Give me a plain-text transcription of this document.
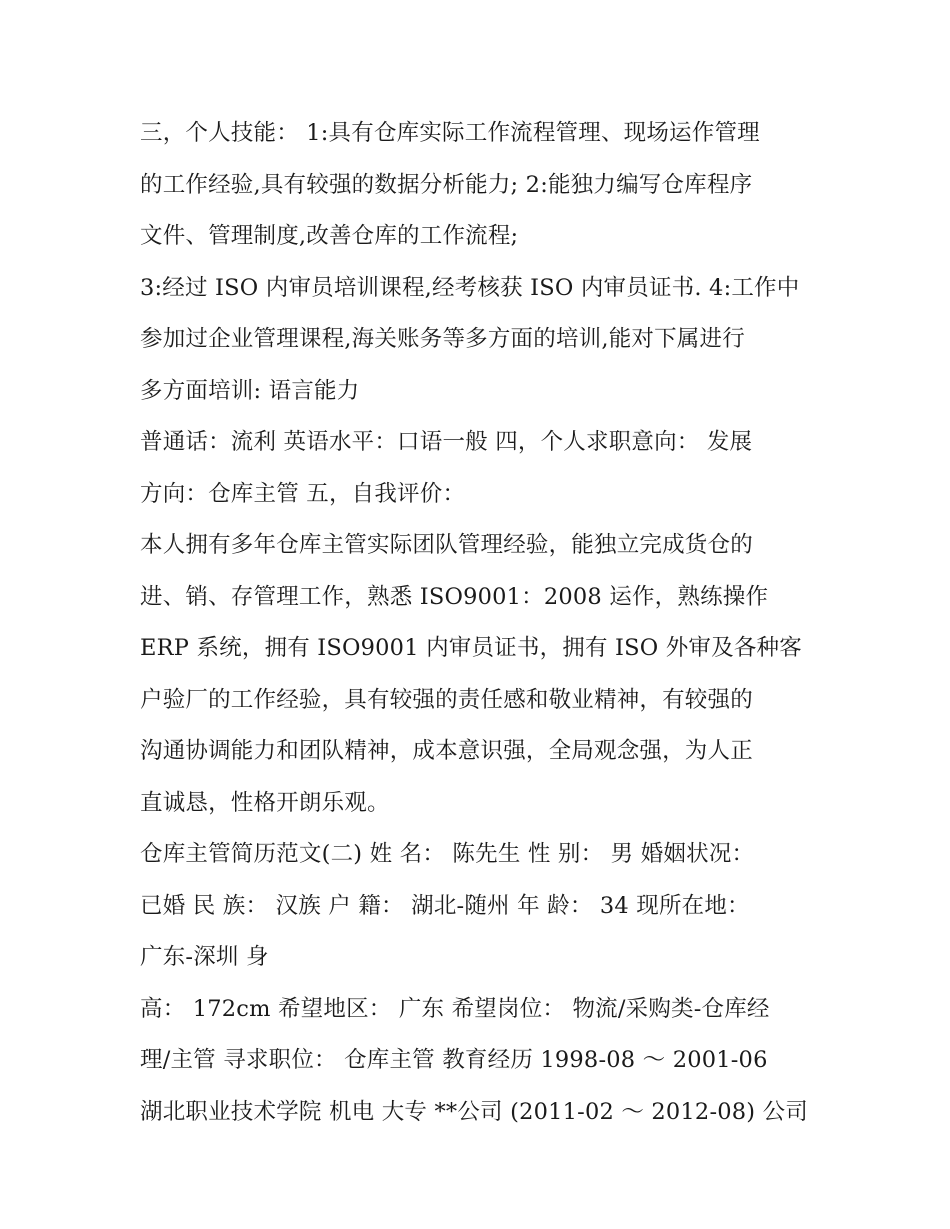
三，个人技能： 1:具有仓库实际工作流程管理、现场运作管理
的工作经验,具有较强的数据分析能力; 2:能独力编写仓库程序
文件、管理制度,改善仓库的工作流程;
3:经过 ISO 内审员培训课程,经考核获 ISO 内审员证书. 4:工作中
参加过企业管理课程,海关账务等多方面的培训,能对下属进行
多方面培训: 语言能力
普通话：流利 英语水平：口语一般 四，个人求职意向： 发展
方向：仓库主管 五，自我评价：
本人拥有多年仓库主管实际团队管理经验，能独立完成货仓的
进、销、存管理工作，熟悉 ISO9001：2008 运作，熟练操作
ERP 系统，拥有 ISO9001 内审员证书，拥有 ISO 外审及各种客
户验厂的工作经验，具有较强的责任感和敬业精神，有较强的
沟通协调能力和团队精神，成本意识强，全局观念强，为人正
直诚恳，性格开朗乐观。
仓库主管简历范文(二) 姓 名： 陈先生 性 别： 男 婚姻状况：
已婚 民 族： 汉族 户 籍： 湖北-随州 年 龄： 34 现所在地：
广东-深圳 身
高： 172cm 希望地区： 广东 希望岗位： 物流/采购类-仓库经
理/主管 寻求职位： 仓库主管 教育经历 1998-08 ～ 2001-06
湖北职业技术学院 机电 大专 **公司 (2011-02 ～ 2012-08) 公司
